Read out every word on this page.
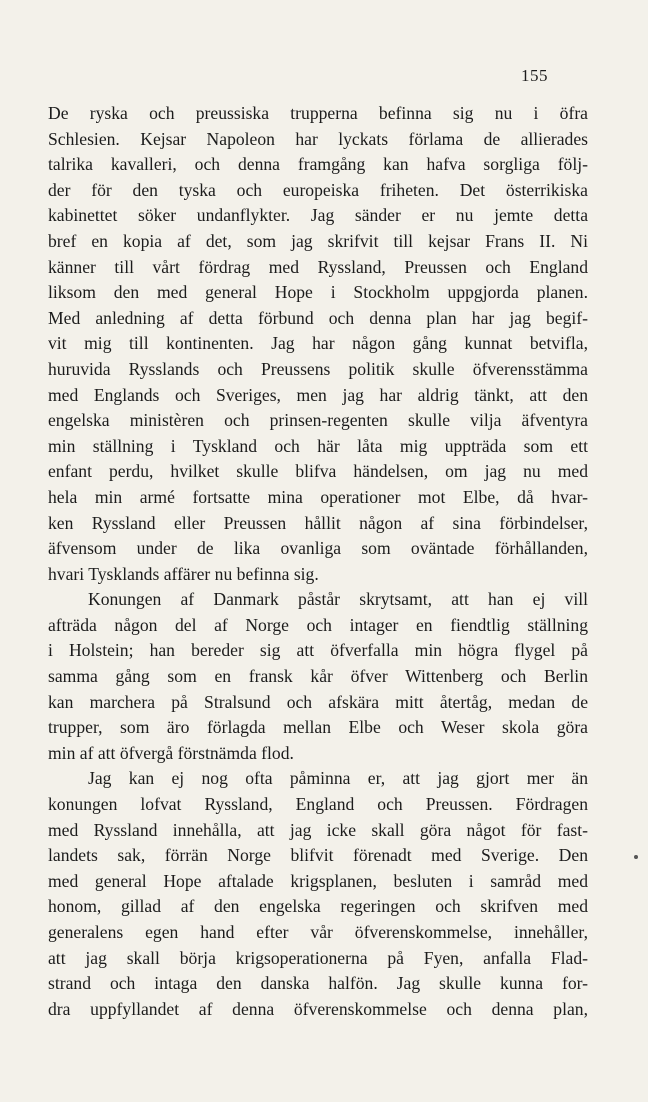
155
De ryska och preussiska trupperna befinna sig nu i öfra
Schlesien. Kejsar Napoleon har lyckats förlama de allierades
talrika kavalleri, och denna framgång kan hafva sorgliga följ-
der för den tyska och europeiska friheten. Det österrikiska
kabinettet söker undanflykter. Jag sänder er nu jemte detta
bref en kopia af det, som jag skrifvit till kejsar Frans II. Ni
känner till vårt fördrag med Ryssland, Preussen och England
liksom den med general Hope i Stockholm uppgjorda planen.
Med anledning af detta förbund och denna plan har jag begif-
vit mig till kontinenten. Jag har någon gång kunnat betvifla,
huruvida Rysslands och Preussens politik skulle öfverensstämma
med Englands och Sveriges, men jag har aldrig tänkt, att den
engelska ministèren och prinsen-regenten skulle vilja äfventyra
min ställning i Tyskland och här låta mig uppträda som ett
enfant perdu, hvilket skulle blifva händelsen, om jag nu med
hela min armé fortsatte mina operationer mot Elbe, då hvar-
ken Ryssland eller Preussen hållit någon af sina förbindelser,
äfvensom under de lika ovanliga som oväntade förhållanden,
hvari Tysklands affärer nu befinna sig.
Konungen af Danmark påstår skrytsamt, att han ej vill
afträda någon del af Norge och intager en fiendtlig ställning
i Holstein; han bereder sig att öfverfalla min högra flygel på
samma gång som en fransk kår öfver Wittenberg och Berlin
kan marchera på Stralsund och afskära mitt återtåg, medan de
trupper, som äro förlagda mellan Elbe och Weser skola göra
min af att öfvergå förstnämda flod.
Jag kan ej nog ofta påminna er, att jag gjort mer än
konungen lofvat Ryssland, England och Preussen. Fördragen
med Ryssland innehålla, att jag icke skall göra något för fast-
landets sak, förrän Norge blifvit förenadt med Sverige. Den
med general Hope aftalade krigsplanen, besluten i samråd med
honom, gillad af den engelska regeringen och skrifven med
generalens egen hand efter vår öfverenskommelse, innehåller,
att jag skall börja krigsoperationerna på Fyen, anfalla Flad-
strand och intaga den danska halfön. Jag skulle kunna for-
dra uppfyllandet af denna öfverenskommelse och denna plan,
